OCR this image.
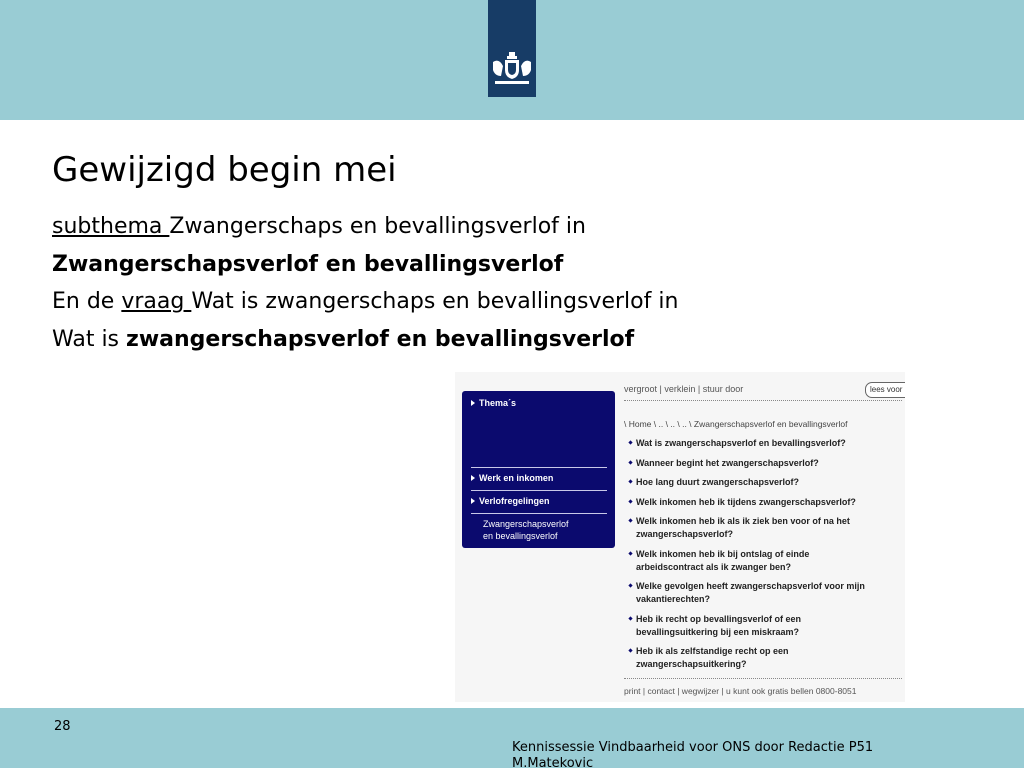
Gewijzigd begin mei
subthema Zwangerschaps en bevallingsverlof in
Zwangerschapsverlof en bevallingsverlof
En de vraag Wat is zwangerschaps en bevallingsverlof in
Wat is zwangerschapsverlof en bevallingsverlof
Thema´s
Werk en inkomen
Verlofregelingen
Zwangerschapsverlof
en bevallingsverlof
vergroot | verklein | stuur door	lees voor
\ Home \ .. \ .. \ .. \ Zwangerschapsverlof en bevallingsverlof
Wat is zwangerschapsverlof en bevallingsverlof?
Wanneer begint het zwangerschapsverlof?
Hoe lang duurt zwangerschapsverlof?
Welk inkomen heb ik tijdens zwangerschapsverlof?
Welk inkomen heb ik als ik ziek ben voor of na het
zwangerschapsverlof?
Welk inkomen heb ik bij ontslag of einde
arbeidscontract als ik zwanger ben?
Welke gevolgen heeft zwangerschapsverlof voor mijn
vakantierechten?
Heb ik recht op bevallingsverlof of een
bevallingsuitkering bij een miskraam?
Heb ik als zelfstandige recht op een
zwangerschapsuitkering?
print | contact | wegwijzer | u kunt ook gratis bellen 0800-8051
28
Kennissessie Vindbaarheid voor ONS door Redactie P51
M.Matekovic
